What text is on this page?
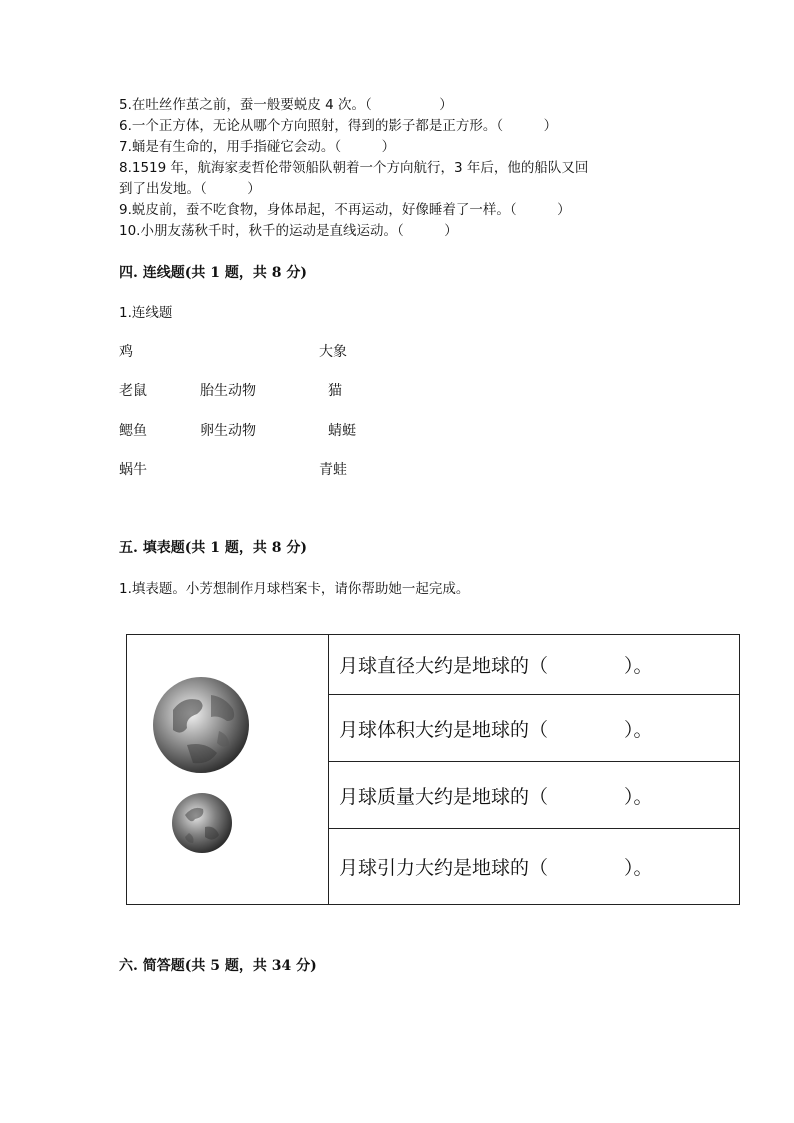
5.在吐丝作茧之前，蚕一般要蜕皮 4 次。（　　　　　）
6.一个正方体，无论从哪个方向照射，得到的影子都是正方形。（　　　）
7.蛹是有生命的，用手指碰它会动。（　　　）
8.1519 年，航海家麦哲伦带领船队朝着一个方向航行，3 年后，他的船队又回
到了出发地。（　　　）
9.蜕皮前，蚕不吃食物，身体昂起，不再运动，好像睡着了一样。（　　　）
10.小朋友荡秋千时，秋千的运动是直线运动。（　　　）
四. 连线题(共 1 题，共 8 分)
1.连线题
鸡
老鼠
鳃鱼
蜗牛
胎生动物
卵生动物
大象
猫
蜻蜓
青蛙
五. 填表题(共 1 题，共 8 分)
1.填表题。小芳想制作月球档案卡，请你帮助她一起完成。
月球直径大约是地球的（　　　　）。
月球体积大约是地球的（　　　　）。
月球质量大约是地球的（　　　　）。
月球引力大约是地球的（　　　　）。
六. 简答题(共 5 题，共 34 分)
